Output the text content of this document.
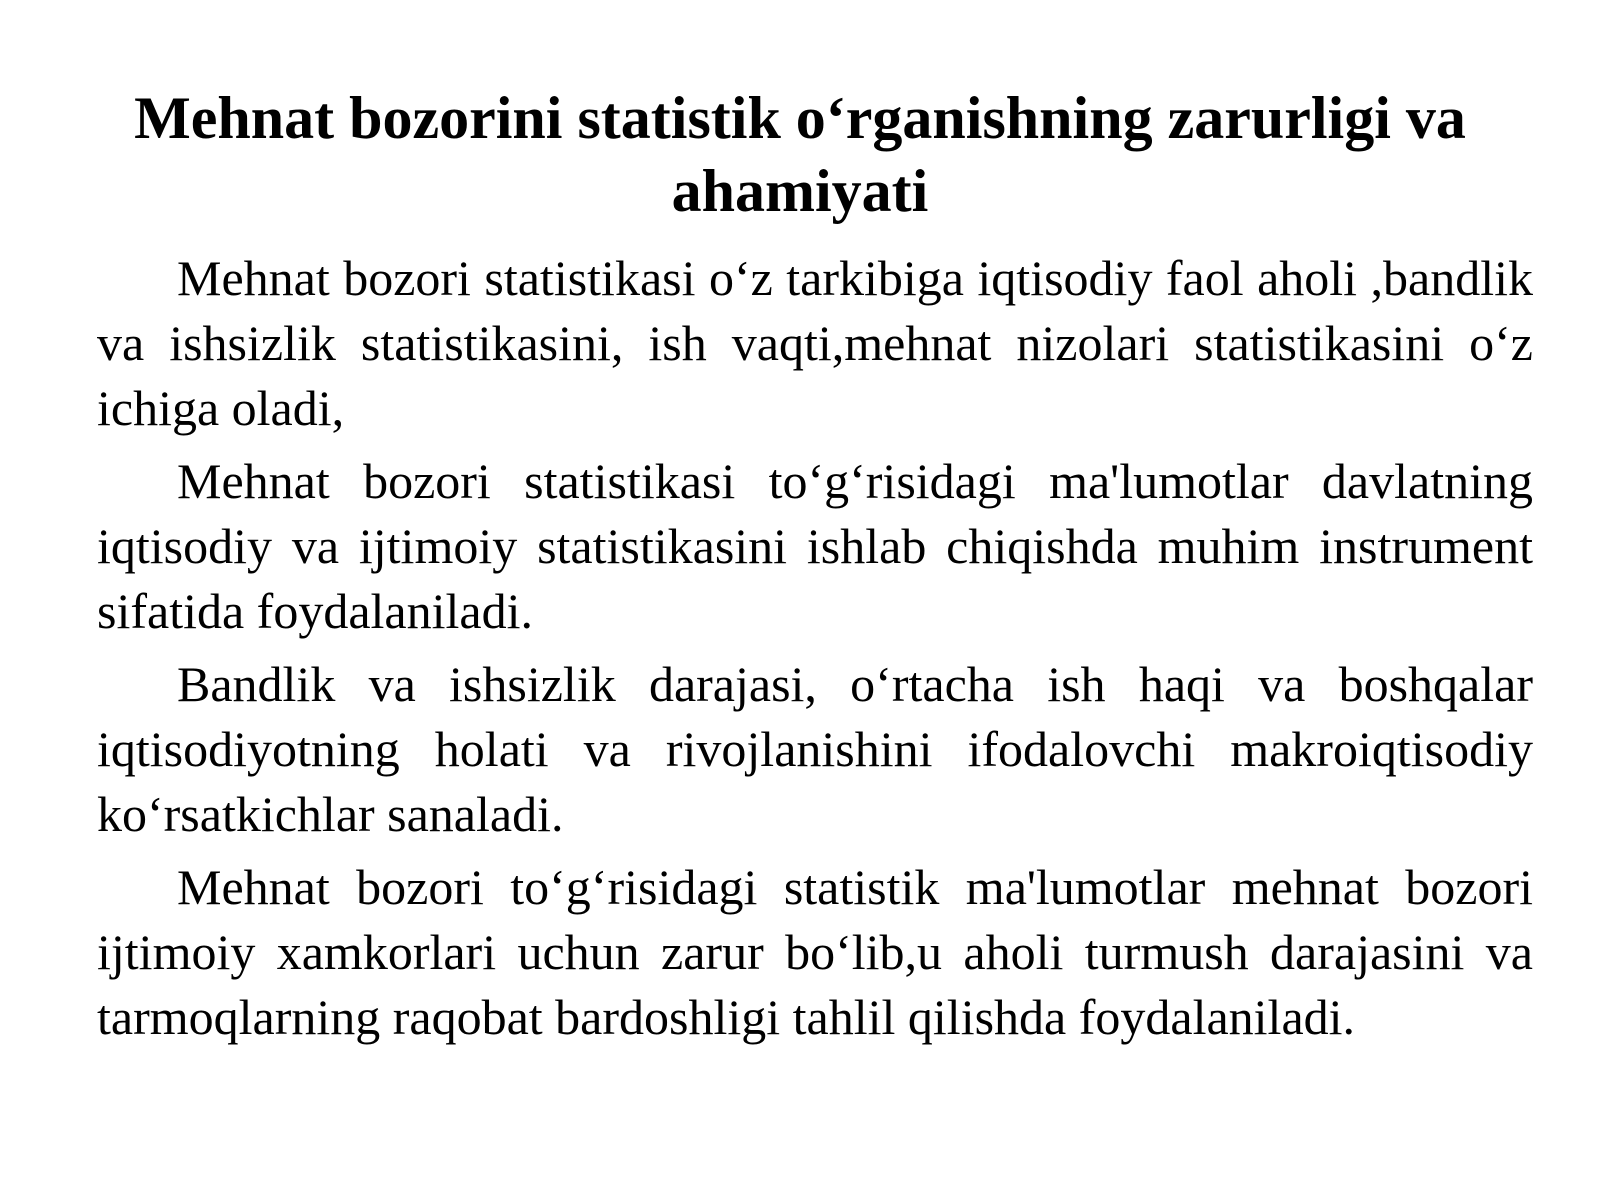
Mehnat bozorini statistik o‘rganishning zarurligi va ahamiyati

Mehnat bozori statistikasi o‘z tarkibiga iqtisodiy faol aholi ,bandlik va ishsizlik statistikasini, ish vaqti,mehnat nizolari statistikasini o‘z ichiga oladi,

Mehnat bozori statistikasi to‘g‘risidagi ma'lumotlar davlatning iqtisodiy va ijtimoiy statistikasini ishlab chiqishda muhim instrument sifatida foydalaniladi.

Bandlik va ishsizlik darajasi, o‘rtacha ish haqi va boshqalar iqtisodiyotning holati va rivojlanishini ifodalovchi makroiqtisodiy ko‘rsatkichlar sanaladi.

Mehnat bozori to‘g‘risidagi statistik ma'lumotlar mehnat bozori ijtimoiy xamkorlari uchun zarur bo‘lib,u aholi turmush darajasini va tarmoqlarning raqobat bardoshligi tahlil qilishda foydalaniladi.
